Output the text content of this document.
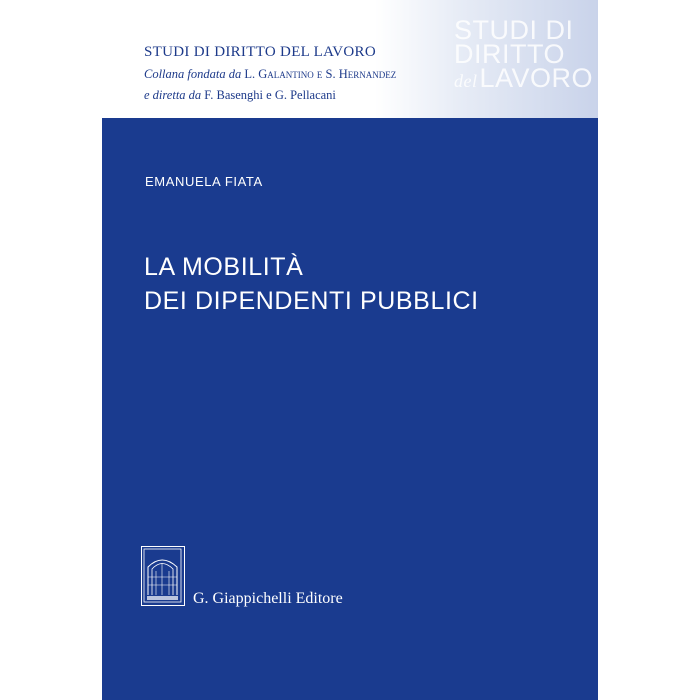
STUDI DI DIRITTO DEL LAVORO
Collana fondata da L. Galantino e S. Hernandez
e diretta da F. Basenghi e G. Pellacani
STUDI DI
DIRITTO
delLAVORO
EMANUELA FIATA
LA MOBILITÀ
DEI DIPENDENTI PUBBLICI
G. Giappichelli Editore
